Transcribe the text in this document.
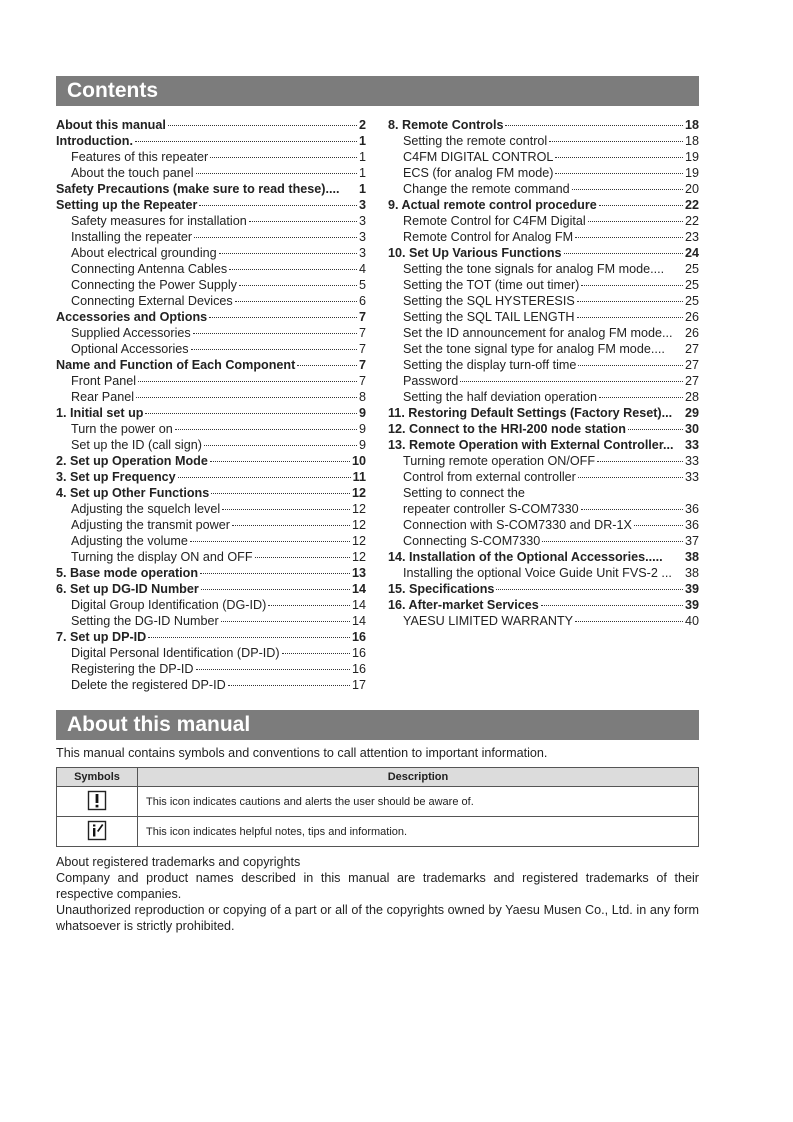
Contents
About this manual	2
Introduction.	1
Features of this repeater	1
About the touch panel	1
Safety Precautions (make sure to read these).... 1
Setting up the Repeater	3
Safety measures for installation	3
Installing the repeater	3
About electrical grounding	3
Connecting Antenna Cables	4
Connecting the Power Supply	5
Connecting External Devices	6
Accessories and Options	7
Supplied Accessories	7
Optional Accessories	7
Name and Function of Each Component	7
Front Panel	7
Rear Panel	8
1. Initial set up	9
Turn the power on	9
Set up the ID (call sign)	9
2. Set up Operation Mode	10
3. Set up Frequency	11
4. Set up Other Functions	12
Adjusting the squelch level	12
Adjusting the transmit power	12
Adjusting the volume	12
Turning the display ON and OFF	12
5. Base mode operation	13
6. Set up DG-ID Number	14
Digital Group Identification (DG-ID)	14
Setting the DG-ID Number	14
7. Set up DP-ID	16
Digital Personal Identification (DP-ID)	16
Registering the DP-ID	16
Delete the registered DP-ID	17
8. Remote Controls	18
Setting the remote control	18
C4FM DIGITAL CONTROL	19
ECS (for analog FM mode)	19
Change the remote command	20
9. Actual remote control procedure	22
Remote Control for C4FM Digital	22
Remote Control for Analog FM	23
10. Set Up Various Functions	24
Setting the tone signals for analog FM mode.... 25
Setting the TOT (time out timer)	25
Setting the SQL HYSTERESIS	25
Setting the SQL TAIL LENGTH	26
Set the ID announcement for analog FM mode... 26
Set the tone signal type for analog FM mode.... 27
Setting the display turn-off time	27
Password	27
Setting the half deviation operation	28
11. Restoring Default Settings (Factory Reset)... 29
12. Connect to the HRI-200 node station	30
13. Remote Operation with External Controller... 33
Turning remote operation ON/OFF	33
Control from external controller	33
Setting to connect the
repeater controller S-COM7330	36
Connection with S-COM7330 and DR-1X	36
Connecting S-COM7330	37
14. Installation of the Optional Accessories..... 38
Installing the optional Voice Guide Unit FVS-2 ... 38
15. Specifications	39
16. After-market Services	39
YAESU LIMITED WARRANTY	40
About this manual
This manual contains symbols and conventions to call attention to important information.
Symbols	Description
	This icon indicates cautions and alerts the user should be aware of.
	This icon indicates helpful notes, tips and information.

About registered trademarks and copyrights

Company and product names described in this manual are trademarks and registered trademarks of their respective companies.

Unauthorized reproduction or copying of a part or all of the copyrights owned by Yaesu Musen Co., Ltd. in any form whatsoever is strictly prohibited.
